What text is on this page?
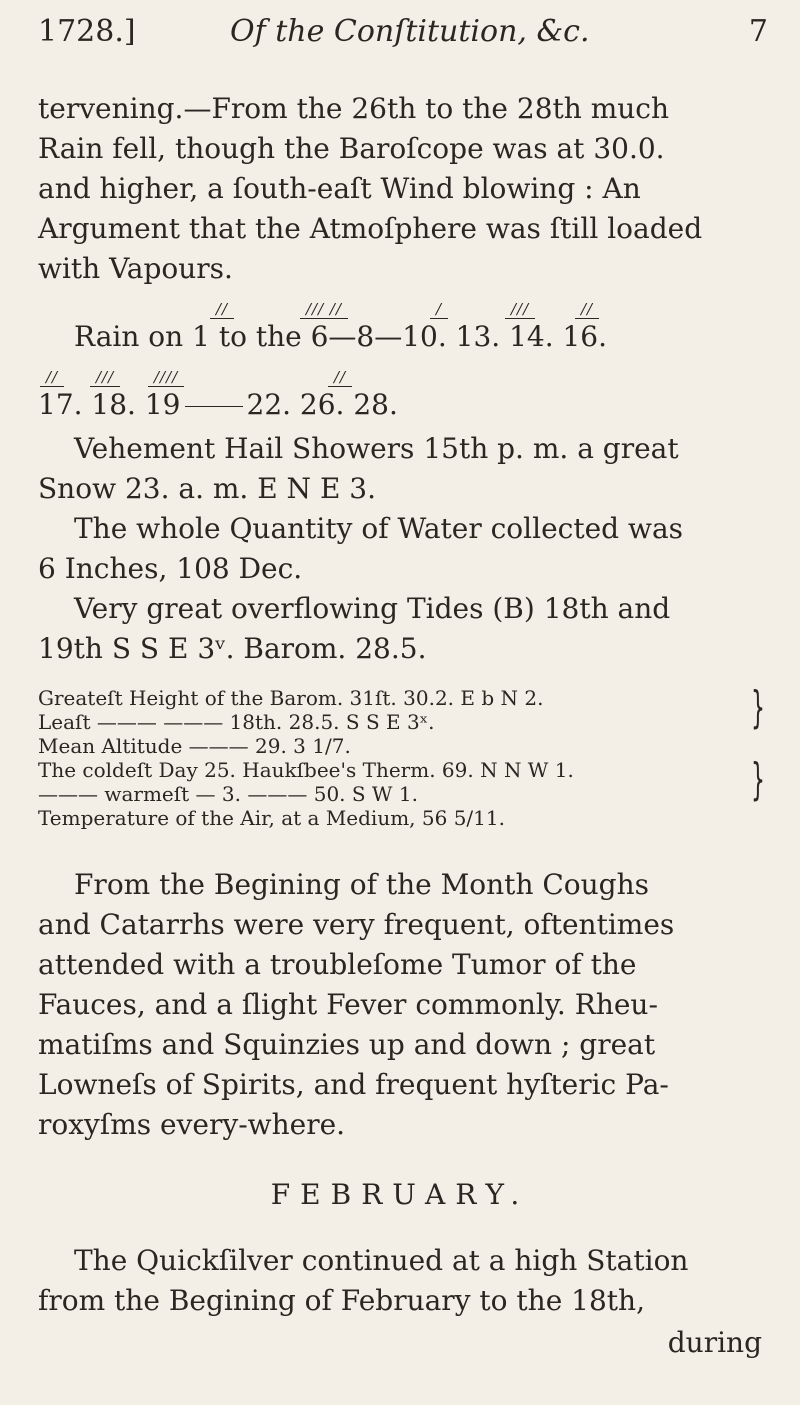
1728.]	Of the Conſtitution, &c.	7
tervening.—From the 26th to the 28th much
Rain fell, though the Baroſcope was at 30.0.
and higher, a ſouth-eaſt Wind blowing : An
Argument that the Atmoſphere was ſtill loaded
with Vapours.
//	/// //	/	///	//
Rain on 1 to the 6—8—10. 13. 14. 16.
//	///	////	//
17. 18. 19 22. 26. 28.
Vehement Hail Showers 15th p. m. a great
Snow 23. a. m. E N E 3.
The whole Quantity of Water collected was
6 Inches, 108 Dec.
Very great overflowing Tides (B) 18th and
19th S S E 3ᵛ. Barom. 28.5.
Greateſt Height of the Barom. 31ſt. 30.2. E b N 2.
Leaſt ——— ——— 18th. 28.5. S S E 3ˣ.
Mean Altitude ——— 29. 3 1/7.
The coldeſt Day 25. Haukſbee's Therm. 69. N N W 1.
——— warmeſt — 3. ——— 50. S W 1.
Temperature of the Air, at a Medium, 56 5/11.
}
}
From the Begining of the Month Coughs
and Catarrhs were very frequent, oftentimes
attended with a troubleſome Tumor of the
Fauces, and a ſlight Fever commonly. Rheu-
matiſms and Squinzies up and down ; great
Lowneſs of Spirits, and frequent hyſteric Pa-
roxyſms every-where.
FEBRUARY.
The Quickſilver continued at a high Station
from the Begining of February to the 18th,
during
